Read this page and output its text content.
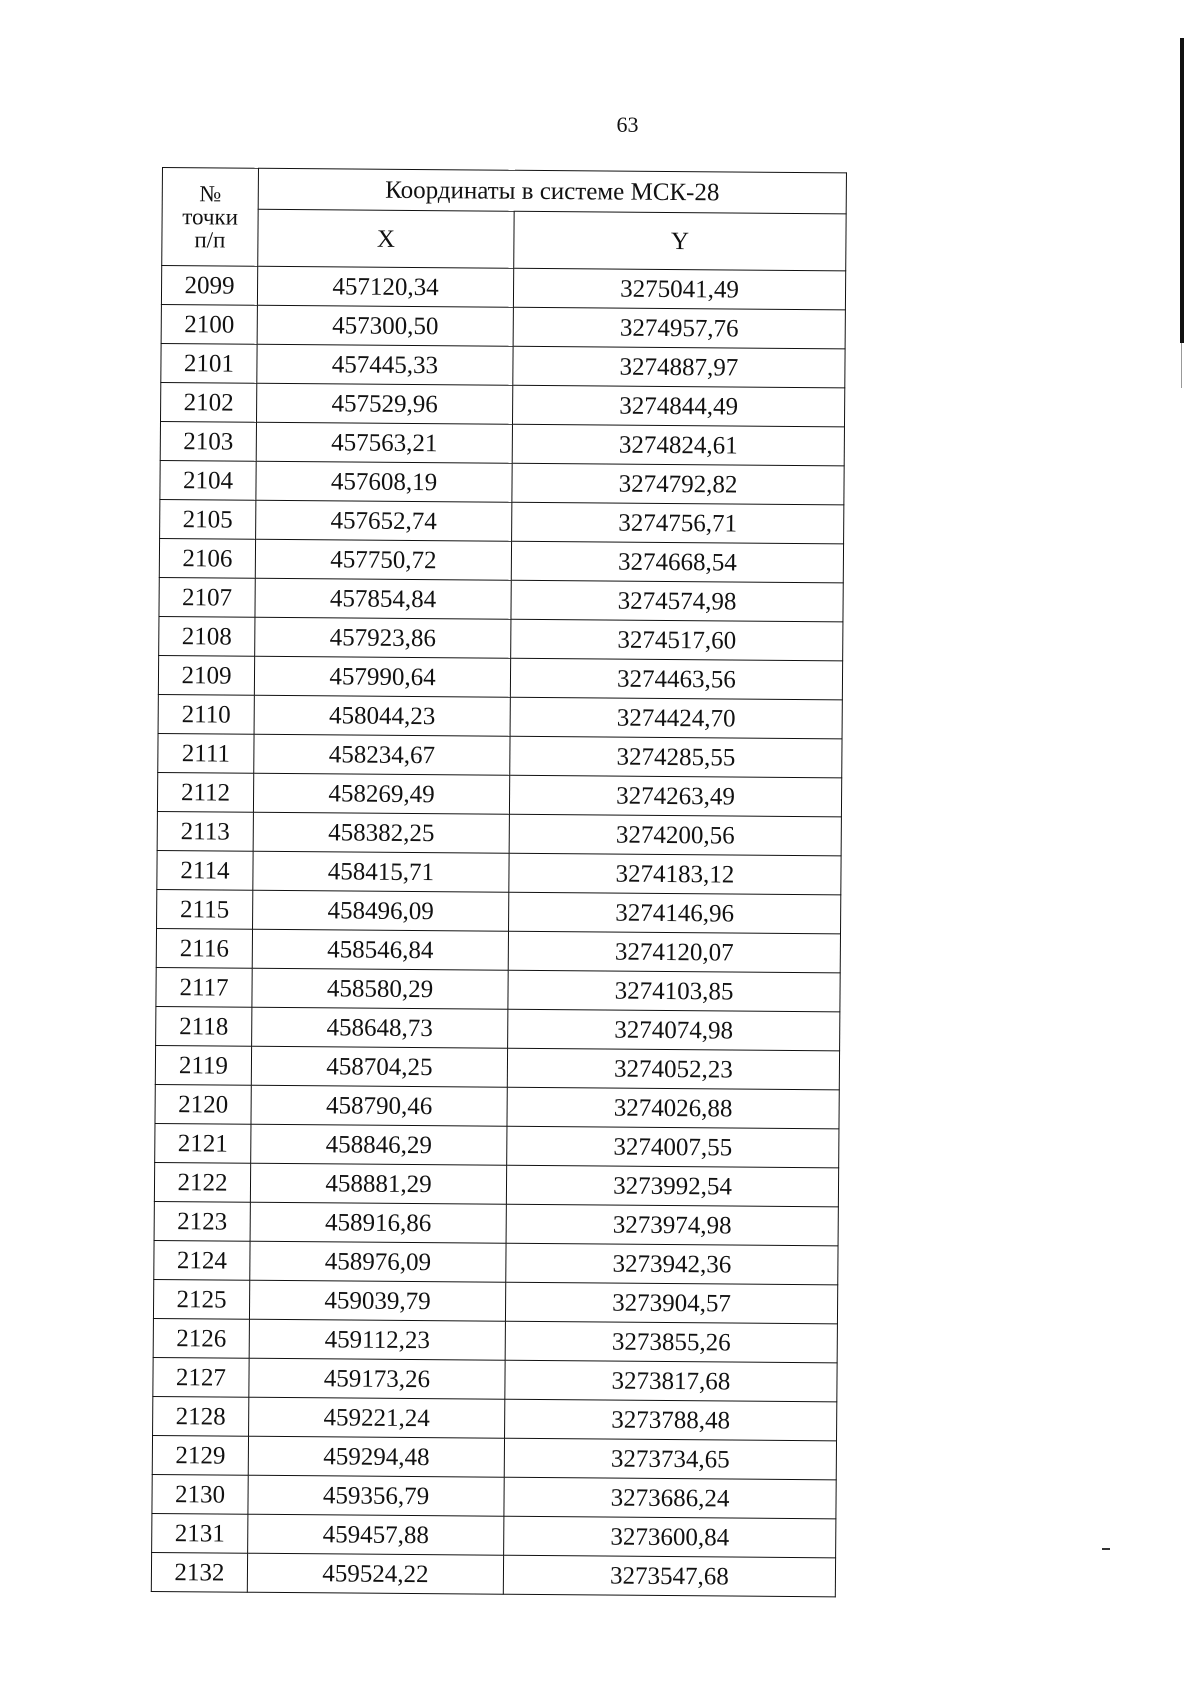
63
№
точки
п/п	Координаты в системе МСК-28	
	X	Y
2099	457120,34	3275041,49
2100	457300,50	3274957,76
2101	457445,33	3274887,97
2102	457529,96	3274844,49
2103	457563,21	3274824,61
2104	457608,19	3274792,82
2105	457652,74	3274756,71
2106	457750,72	3274668,54
2107	457854,84	3274574,98
2108	457923,86	3274517,60
2109	457990,64	3274463,56
2110	458044,23	3274424,70
2111	458234,67	3274285,55
2112	458269,49	3274263,49
2113	458382,25	3274200,56
2114	458415,71	3274183,12
2115	458496,09	3274146,96
2116	458546,84	3274120,07
2117	458580,29	3274103,85
2118	458648,73	3274074,98
2119	458704,25	3274052,23
2120	458790,46	3274026,88
2121	458846,29	3274007,55
2122	458881,29	3273992,54
2123	458916,86	3273974,98
2124	458976,09	3273942,36
2125	459039,79	3273904,57
2126	459112,23	3273855,26
2127	459173,26	3273817,68
2128	459221,24	3273788,48
2129	459294,48	3273734,65
2130	459356,79	3273686,24
2131	459457,88	3273600,84
2132	459524,22	3273547,68
